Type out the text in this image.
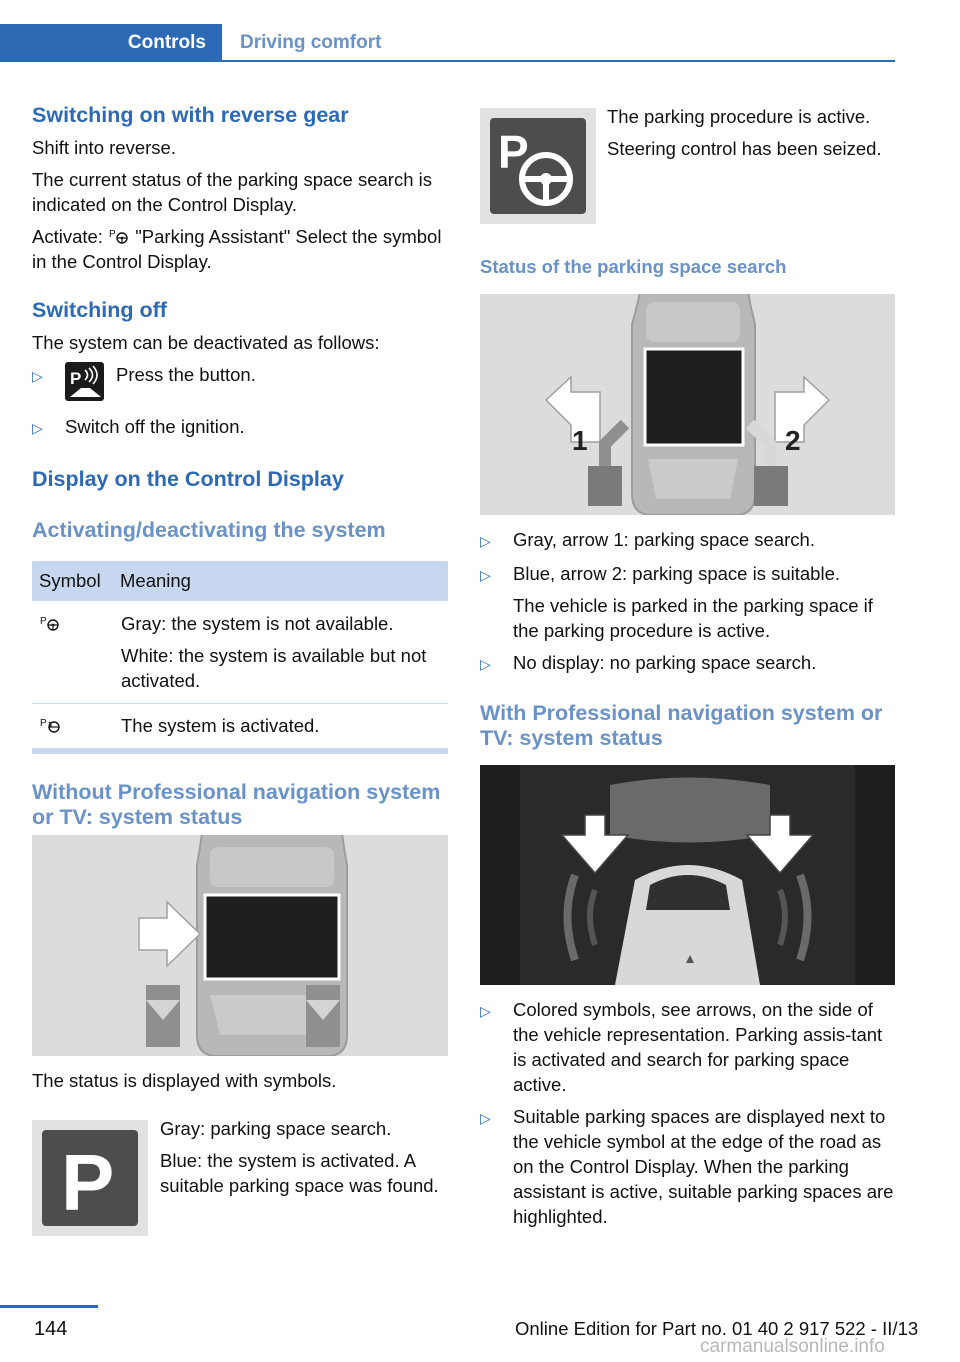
Controls	Driving comfort
Switching on with reverse gear

Shift into reverse.

The current status of the parking space search is indicated on the Control Display.

Activate: P "Parking Assistant" Select the symbol in the Control Display.

Switching off

The system can be deactivated as follows:

▷	P Press the button.
▷	Switch off the ignition.
Display on the Control Display
Activating/deactivating the system
Symbol	Meaning

P	Gray: the system is not available.
White: the system is available but not activated.

P	The system is activated.
Without Professional navigation system or TV: system status

The status is displayed with symbols.

P

Gray: parking space search.

Blue: the system is activated. A suitable parking space was found.

P

The parking procedure is active.

Steering control has been seized.

Status of the parking space search
1	2
▷	Gray, arrow 1: parking space search.
▷	Blue, arrow 2: parking space is suitable.
The vehicle is parked in the parking space if the parking procedure is active.
▷	No display: no parking space search.
With Professional navigation system or TV: system status
▷	Colored symbols, see arrows, on the side of the vehicle representation. Parking assis-tant is activated and search for parking space active.
▷	Suitable parking spaces are displayed next to the vehicle symbol at the edge of the road as on the Control Display. When the parking assistant is active, suitable parking spaces are highlighted.
144	Online Edition for Part no. 01 40 2 917 522 - II/13
carmanualsonline.info
